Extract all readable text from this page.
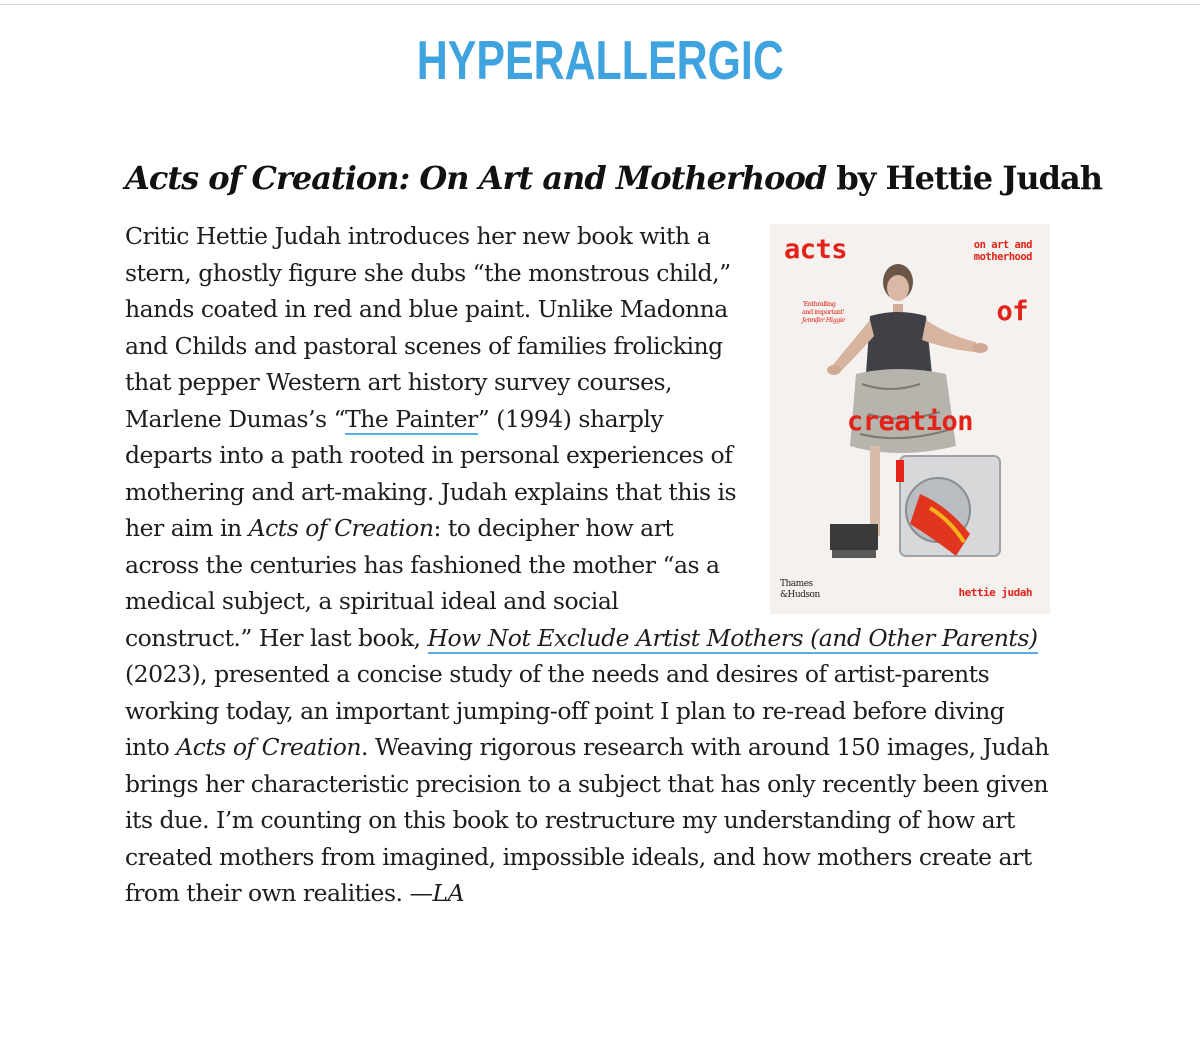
HYPERALLERGIC
Acts of Creation: On Art and Motherhood by Hettie Judah

acts	on art and
motherhood
‘Enthralling
and important’
Jennifer Higgie	of
creation
Thames
&Hudson	hettie judah
Critic Hettie Judah introduces her new book with a stern, ghostly figure she dubs “the monstrous child,” hands coated in red and blue paint. Unlike Madonna and Childs and pastoral scenes of families frolicking that pepper Western art history survey courses, Marlene Dumas’s “The Painter” (1994) sharply departs into a path rooted in personal experiences of mothering and art-making. Judah explains that this is her aim in Acts of Creation: to decipher how art across the centuries has fashioned the mother “as a medical subject, a spiritual ideal and social construct.” Her last book, How Not Exclude Artist Mothers (and Other Parents) (2023), presented a concise study of the needs and desires of artist-parents working today, an important jumping-off point I plan to re-read before diving into Acts of Creation. Weaving rigorous research with around 150 images, Judah brings her characteristic precision to a subject that has only recently been given its due. I’m counting on this book to restructure my understanding of how art created mothers from imagined, impossible ideals, and how mothers create art from their own realities. —LA
